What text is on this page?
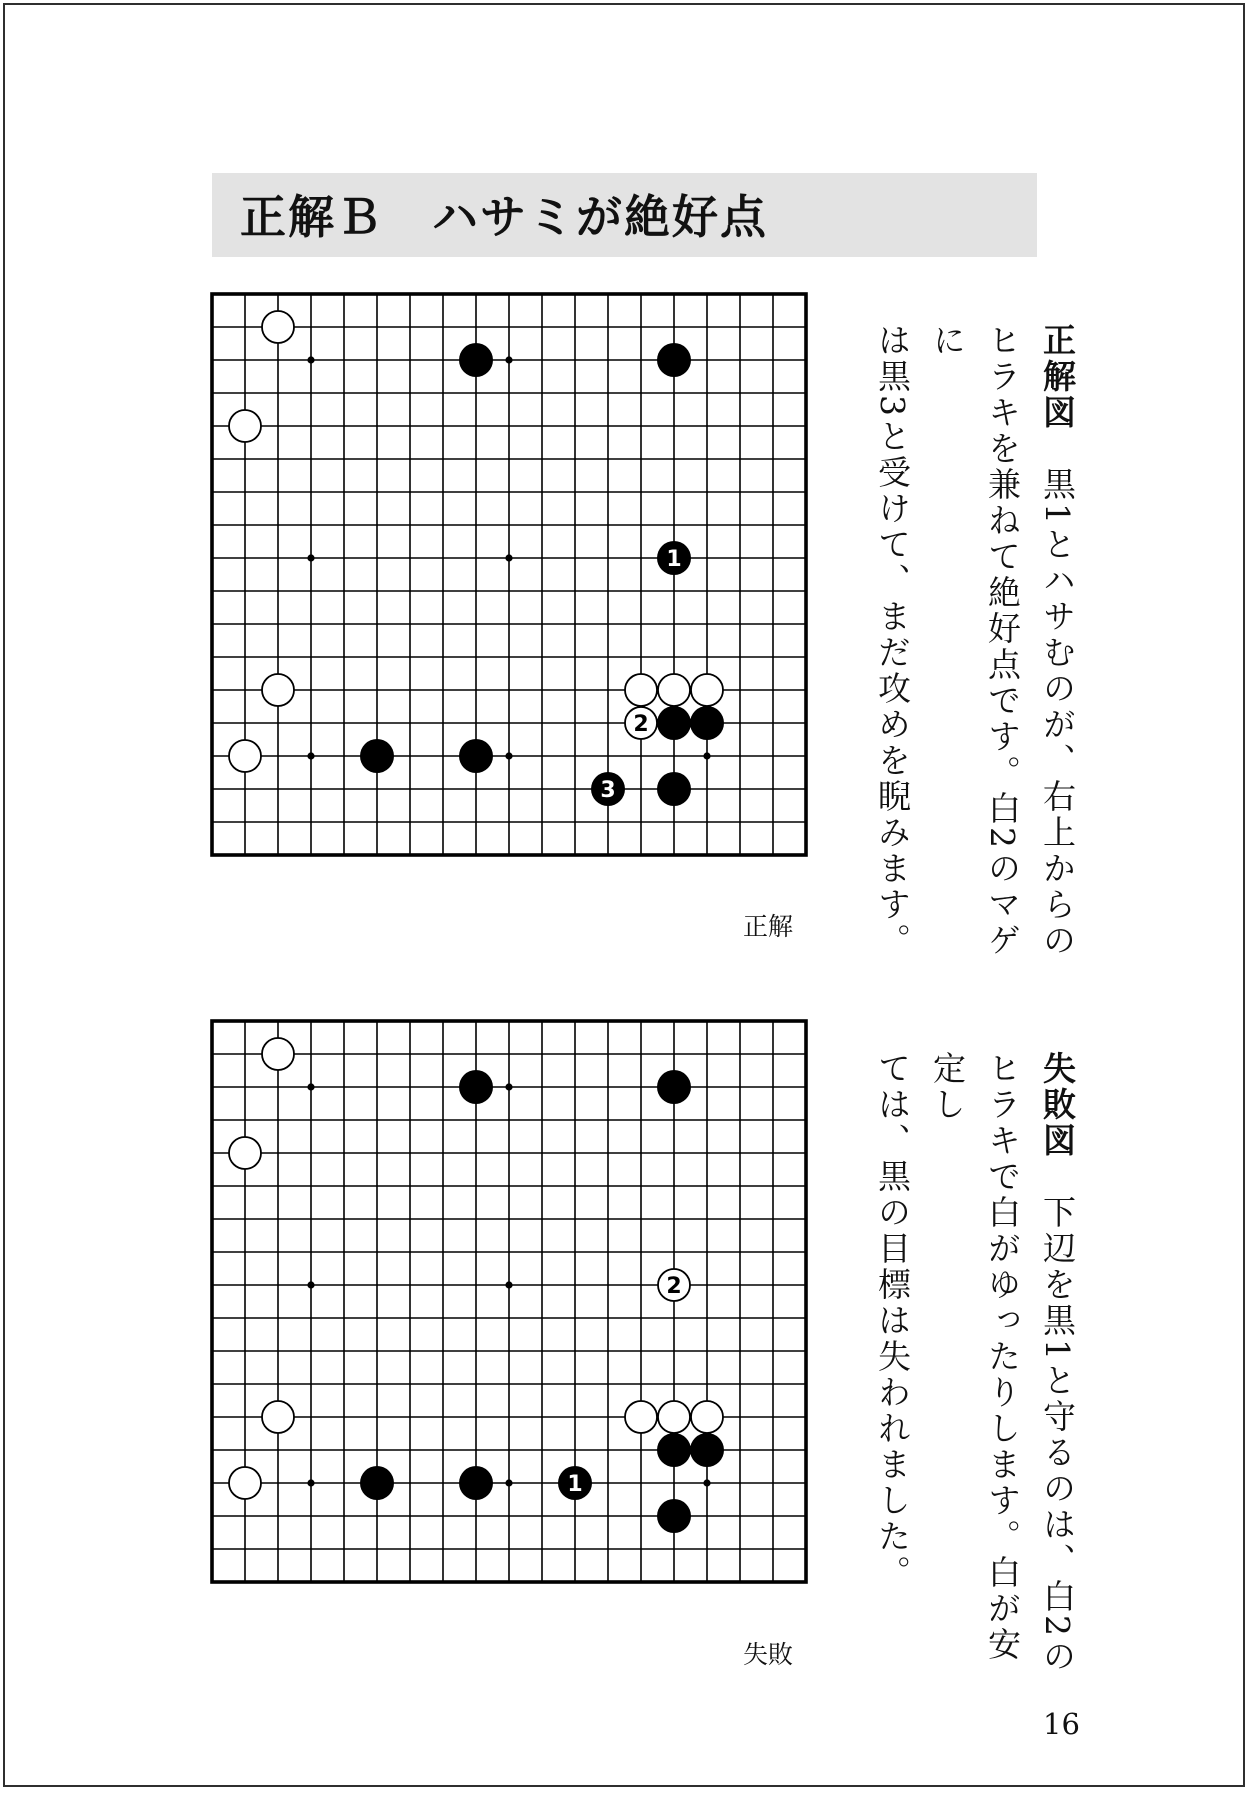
正解Ｂ　ハサミが絶好点
1
2
3
正解
正解図　黒1とハサむのが、右上からの
ヒラキを兼ねて絶好点です。白2のマゲに
は黒3と受けて、まだ攻めを睨みます。
2
1
失敗
失敗図　下辺を黒1と守るのは、白2の
ヒラキで白がゆったりします。白が安定し
ては、黒の目標は失われました。
16
